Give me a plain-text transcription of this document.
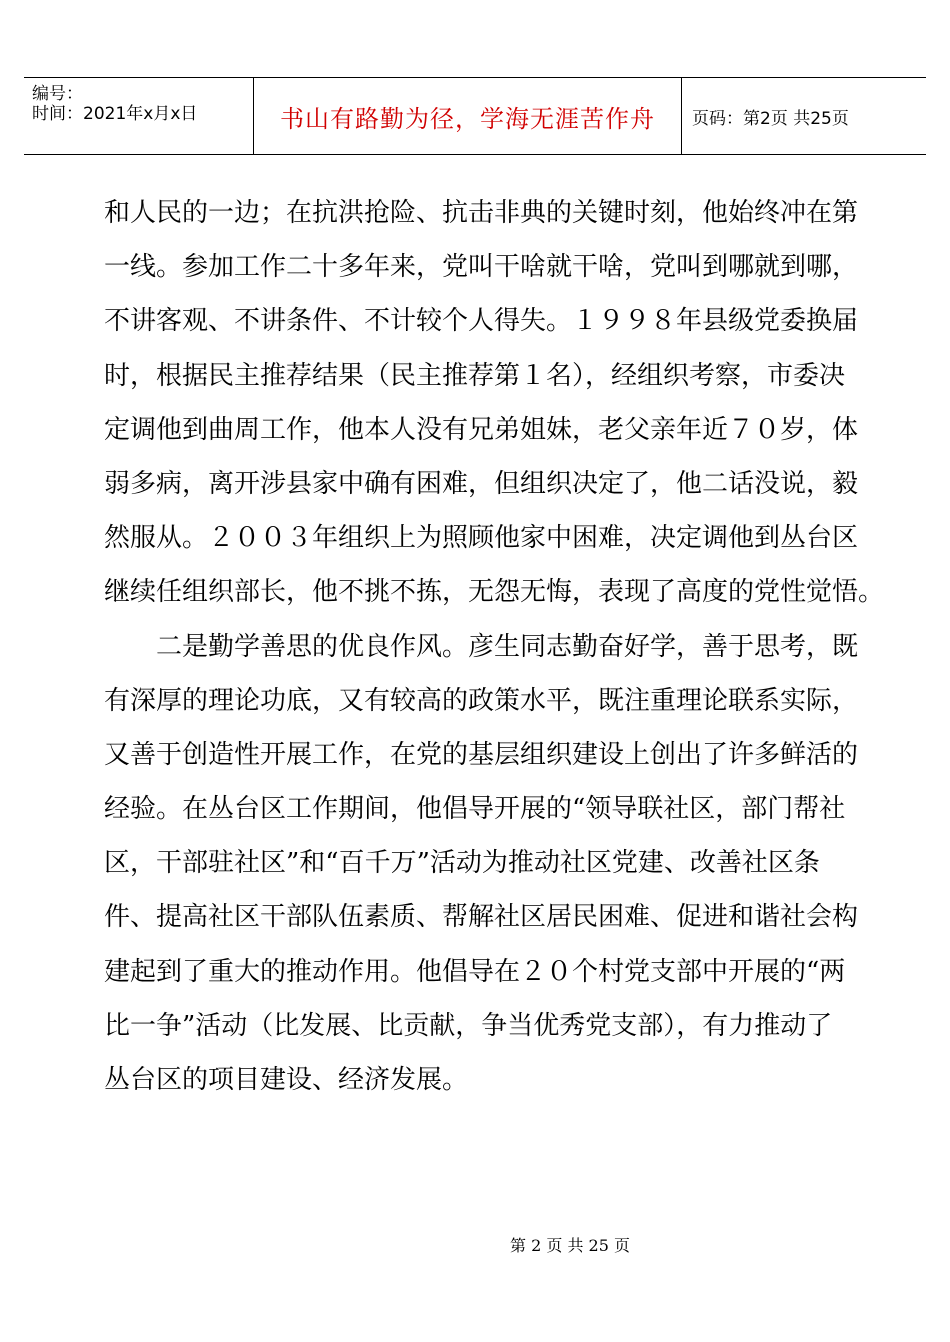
编号：
时间：2021年x月x日	书山有路勤为径，学海无涯苦作舟	页码：第2页 共25页
和人民的一边；在抗洪抢险、抗击非典的关键时刻，他始终冲在第
一线。参加工作二十多年来，党叫干啥就干啥，党叫到哪就到哪，
不讲客观、不讲条件、不计较个人得失。１９９８年县级党委换届
时，根据民主推荐结果（民主推荐第１名），经组织考察，市委决
定调他到曲周工作，他本人没有兄弟姐妹，老父亲年近７０岁，体
弱多病，离开涉县家中确有困难，但组织决定了，他二话没说，毅
然服从。２００３年组织上为照顾他家中困难，决定调他到丛台区
继续任组织部长，他不挑不拣，无怨无悔，表现了高度的党性觉悟。
二是勤学善思的优良作风。彦生同志勤奋好学，善于思考，既
有深厚的理论功底，又有较高的政策水平，既注重理论联系实际，
又善于创造性开展工作，在党的基层组织建设上创出了许多鲜活的
经验。在丛台区工作期间，他倡导开展的“领导联社区，部门帮社
区，干部驻社区”和“百千万”活动为推动社区党建、改善社区条
件、提高社区干部队伍素质、帮解社区居民困难、促进和谐社会构
建起到了重大的推动作用。他倡导在２０个村党支部中开展的“两
比一争”活动（比发展、比贡献，争当优秀党支部），有力推动了
丛台区的项目建设、经济发展。
第 2 页 共 25 页
